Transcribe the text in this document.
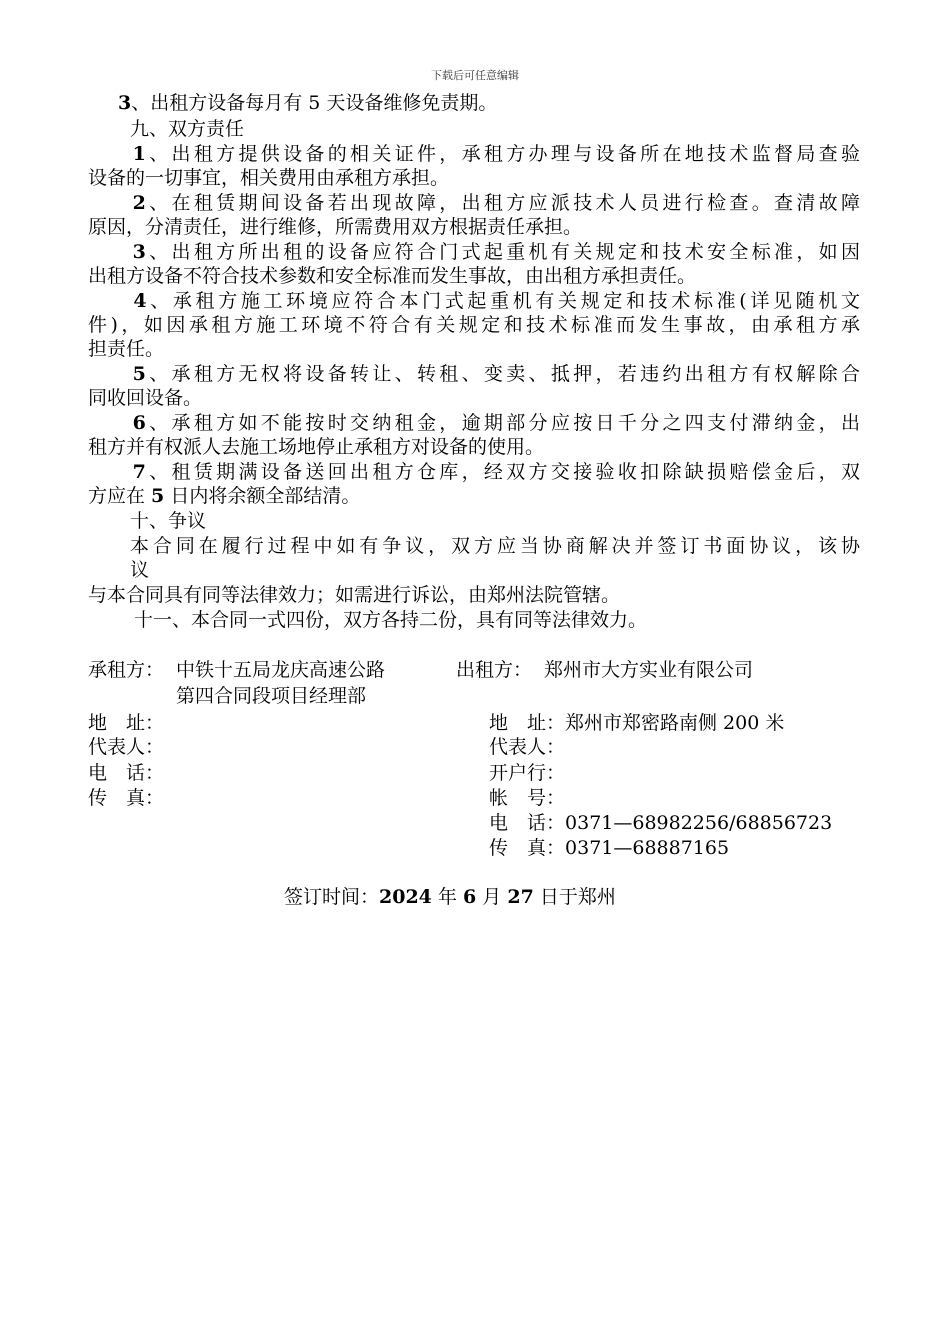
下载后可任意编辑
3、出租方设备每月有 5 天设备维修免责期。
九、双方责任
　　1、出租方提供设备的相关证件，承租方办理与设备所在地技术监督局查验
设备的一切事宜，相关费用由承租方承担。
　　2、在租赁期间设备若出现故障，出租方应派技术人员进行检查。查清故障
原因，分清责任，进行维修，所需费用双方根据责任承担。
　　3、出租方所出租的设备应符合门式起重机有关规定和技术安全标准，如因
出租方设备不符合技术参数和安全标准而发生事故，由出租方承担责任。
　　4、承租方施工环境应符合本门式起重机有关规定和技术标准(详见随机文
件)，如因承租方施工环境不符合有关规定和技术标准而发生事故，由承租方承
担责任。
　　5、承租方无权将设备转让、转租、变卖、抵押，若违约出租方有权解除合
同收回设备。
　　6、承租方如不能按时交纳租金，逾期部分应按日千分之四支付滞纳金，出
租方并有权派人去施工场地停止承租方对设备的使用。
　　7、租赁期满设备送回出租方仓库，经双方交接验收扣除缺损赔偿金后，双
方应在 5 日内将余额全部结清。
十、争议
本合同在履行过程中如有争议，双方应当协商解决并签订书面协议，该协
议
与本合同具有同等法律效力；如需进行诉讼，由郑州法院管辖。
十一、本合同一式四份，双方各持二份，具有同等法律效力。
承租方： 中铁十五局龙庆高速公路
第四合同段项目经理部
出租方： 郑州市大方实业有限公司
地　址：
代表人：
电　话：
传　真：
地　址：郑州市郑密路南侧 200 米
代表人：
开户行：
帐　号：
电　话：0371—68982256/68856723
传　真：0371—68887165
签订时间：2024 年 6 月 27 日于郑州
